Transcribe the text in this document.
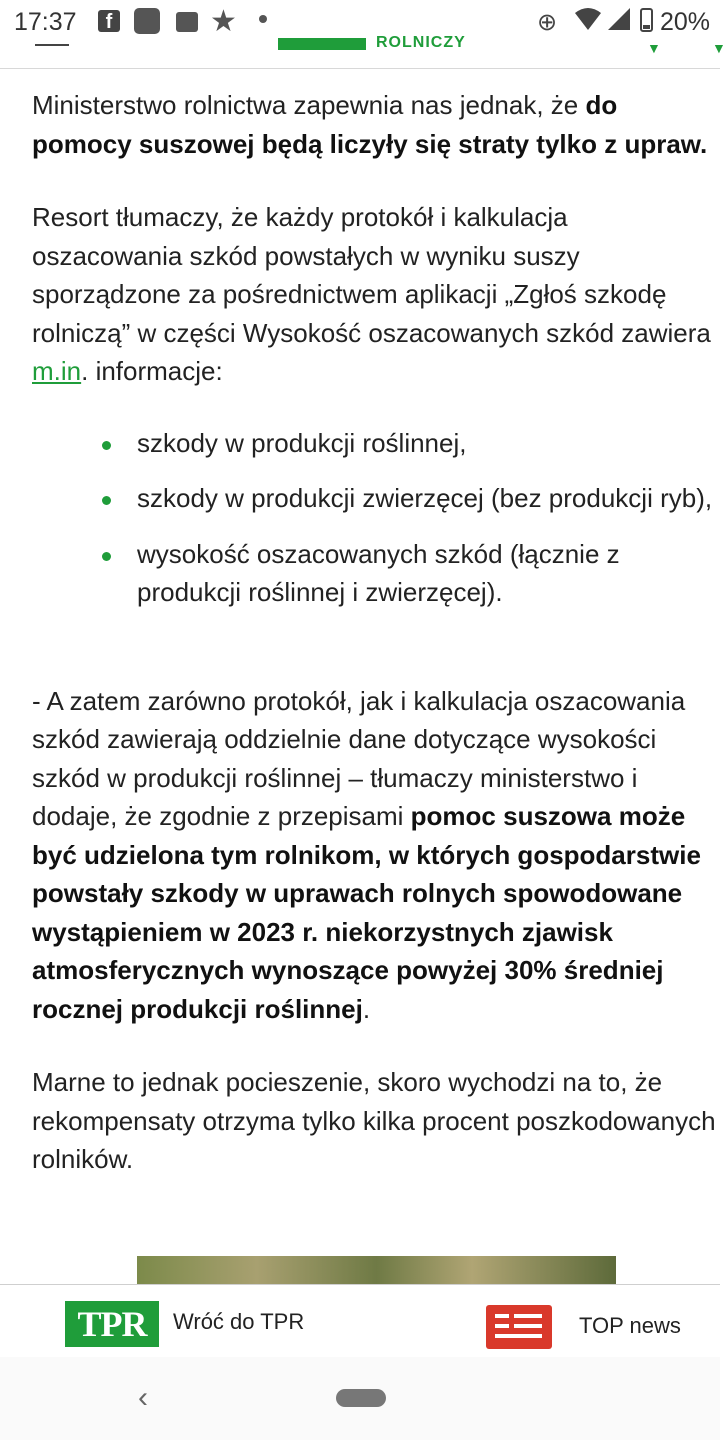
17:37	f	★	⊕	20%
ROLNICZY	▼	▼

Ministerstwo rolnictwa zapewnia nas jednak, że do pomocy suszowej będą liczyły się straty tylko z upraw.

Resort tłumaczy, że każdy protokół i kalkulacja oszacowania szkód powstałych w wyniku suszy sporządzone za pośrednictwem aplikacji „Zgłoś szkodę rolniczą” w części Wysokość oszacowanych szkód zawiera m.in. informacje:

szkody w produkcji roślinnej,
szkody w produkcji zwierzęcej (bez produkcji ryb),
wysokość oszacowanych szkód (łącznie z produkcji roślinnej i zwierzęcej).

- A zatem zarówno protokół, jak i kalkulacja oszacowania szkód zawierają oddzielnie dane dotyczące wysokości szkód w produkcji roślinnej – tłumaczy ministerstwo i dodaje, że zgodnie z przepisami pomoc suszowa może być udzielona tym rolnikom, w których gospodarstwie powstały szkody w uprawach rolnych spowodowane wystąpieniem w 2023 r. niekorzystnych zjawisk atmosferycznych wynoszące powyżej 30% średniej rocznej produkcji roślinnej.

Marne to jednak pocieszenie, skoro wychodzi na to, że rekompensaty otrzyma tylko kilka procent poszkodowanych rolników.

TPR	Wróć do TPR	TOP news
‹
